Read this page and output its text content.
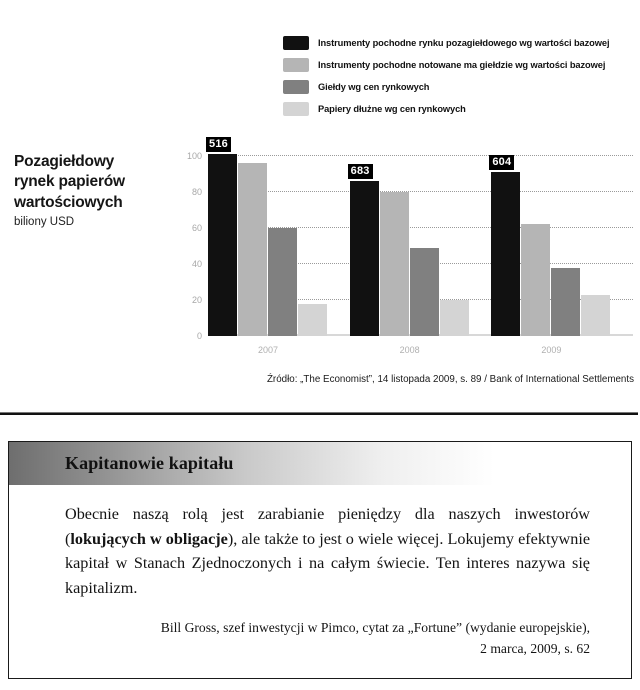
Instrumenty pochodne rynku pozagiełdowego wg wartości bazowej
Instrumenty pochodne notowane ma giełdzie wg wartości bazowej
Giełdy wg cen rynkowych
Papiery dłużne wg cen rynkowych
Pozagiełdowy
rynek papierów
wartościowych
biliony USD
0
20
40
60
80
100
516
2007
683
2008
604
2009
Źródło: „The Economist”, 14 listopada 2009, s. 89 / Bank of International Settlements
Kapitanowie kapitału

Obecnie naszą rolą jest zarabianie pieniędzy dla naszych inwestorów (lokujących w obligacje), ale także to jest o wiele więcej. Lokujemy efektywnie kapitał w Stanach Zjednoczonych i na całym świecie. Ten interes nazywa się kapitalizm.

Bill Gross, szef inwestycji w Pimco, cytat za „Fortune” (wydanie europejskie),
2 marca, 2009, s. 62
